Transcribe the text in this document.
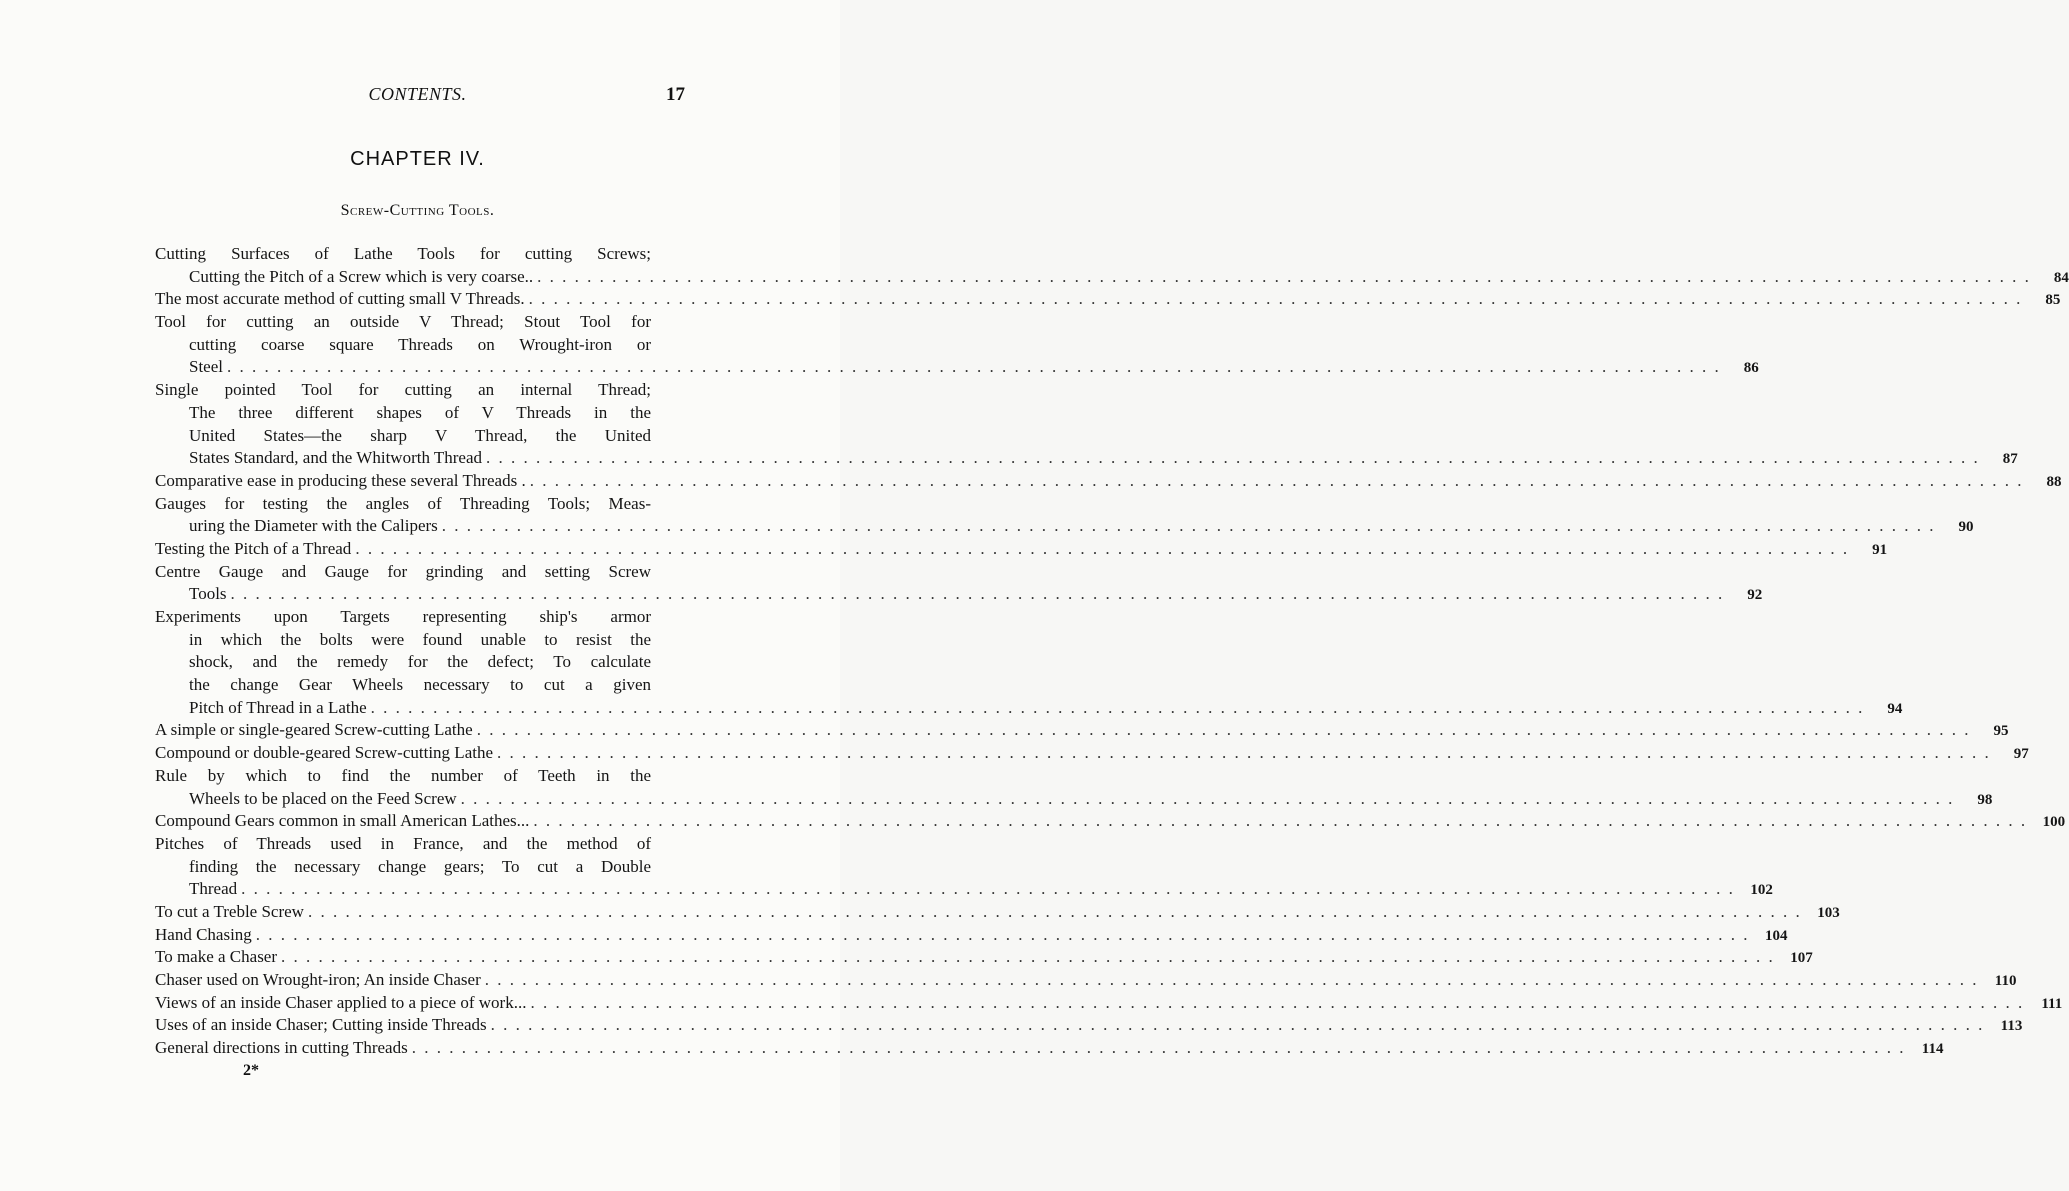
CONTENTS.	17
CHAPTER IV.
Screw-Cutting Tools.
Cutting Surfaces of Lathe Tools for cutting Screws;
Cutting the Pitch of a Screw which is very coarse.. . . . . . . . . . . . . . . . . . . . . . . . . . . . . . . . . . . . . . . . . . . . . . . . . . . . . . . . . . . . . . . . . . . . . . . . . . . . . . . . . . . . . . . . . . . . . . . . . . . . . . . . . . . . . . . . . . . . . . . . .	84
The most accurate method of cutting small V Threads. . . . . . . . . . . . . . . . . . . . . . . . . . . . . . . . . . . . . . . . . . . . . . . . . . . . . . . . . . . . . . . . . . . . . . . . . . . . . . . . . . . . . . . . . . . . . . . . . . . . . . . . . . . . . . . . . . . . . . . . .	85
Tool for cutting an outside V Thread; Stout Tool for
cutting coarse square Threads on Wrought-iron or
Steel . . . . . . . . . . . . . . . . . . . . . . . . . . . . . . . . . . . . . . . . . . . . . . . . . . . . . . . . . . . . . . . . . . . . . . . . . . . . . . . . . . . . . . . . . . . . . . . . . . . . . . . . . . . . . . . . . . . . . . . .	86
Single pointed Tool for cutting an internal Thread;
The three different shapes of V Threads in the
United States—the sharp V Thread, the United
States Standard, and the Whitworth Thread . . . . . . . . . . . . . . . . . . . . . . . . . . . . . . . . . . . . . . . . . . . . . . . . . . . . . . . . . . . . . . . . . . . . . . . . . . . . . . . . . . . . . . . . . . . . . . . . . . . . . . . . . . . . . . . . . . . . . . . .	87
Comparative ease in producing these several Threads . . . . . . . . . . . . . . . . . . . . . . . . . . . . . . . . . . . . . . . . . . . . . . . . . . . . . . . . . . . . . . . . . . . . . . . . . . . . . . . . . . . . . . . . . . . . . . . . . . . . . . . . . . . . . . . . . . . . . . . . .	88
Gauges for testing the angles of Threading Tools; Meas-
uring the Diameter with the Calipers . . . . . . . . . . . . . . . . . . . . . . . . . . . . . . . . . . . . . . . . . . . . . . . . . . . . . . . . . . . . . . . . . . . . . . . . . . . . . . . . . . . . . . . . . . . . . . . . . . . . . . . . . . . . . . . . . . . . . . . .	90
Testing the Pitch of a Thread . . . . . . . . . . . . . . . . . . . . . . . . . . . . . . . . . . . . . . . . . . . . . . . . . . . . . . . . . . . . . . . . . . . . . . . . . . . . . . . . . . . . . . . . . . . . . . . . . . . . . . . . . . . . . . . . . . . . . . . .	91
Centre Gauge and Gauge for grinding and setting Screw
Tools . . . . . . . . . . . . . . . . . . . . . . . . . . . . . . . . . . . . . . . . . . . . . . . . . . . . . . . . . . . . . . . . . . . . . . . . . . . . . . . . . . . . . . . . . . . . . . . . . . . . . . . . . . . . . . . . . . . . . . . .	92
Experiments upon Targets representing ship's armor
in which the bolts were found unable to resist the
shock, and the remedy for the defect; To calculate
the change Gear Wheels necessary to cut a given
Pitch of Thread in a Lathe . . . . . . . . . . . . . . . . . . . . . . . . . . . . . . . . . . . . . . . . . . . . . . . . . . . . . . . . . . . . . . . . . . . . . . . . . . . . . . . . . . . . . . . . . . . . . . . . . . . . . . . . . . . . . . . . . . . . . . . .	94
A simple or single-geared Screw-cutting Lathe . . . . . . . . . . . . . . . . . . . . . . . . . . . . . . . . . . . . . . . . . . . . . . . . . . . . . . . . . . . . . . . . . . . . . . . . . . . . . . . . . . . . . . . . . . . . . . . . . . . . . . . . . . . . . . . . . . . . . . . .	95
Compound or double-geared Screw-cutting Lathe . . . . . . . . . . . . . . . . . . . . . . . . . . . . . . . . . . . . . . . . . . . . . . . . . . . . . . . . . . . . . . . . . . . . . . . . . . . . . . . . . . . . . . . . . . . . . . . . . . . . . . . . . . . . . . . . . . . . . . . .	97
Rule by which to find the number of Teeth in the
Wheels to be placed on the Feed Screw . . . . . . . . . . . . . . . . . . . . . . . . . . . . . . . . . . . . . . . . . . . . . . . . . . . . . . . . . . . . . . . . . . . . . . . . . . . . . . . . . . . . . . . . . . . . . . . . . . . . . . . . . . . . . . . . . . . . . . . .	98
Compound Gears common in small American Lathes... . . . . . . . . . . . . . . . . . . . . . . . . . . . . . . . . . . . . . . . . . . . . . . . . . . . . . . . . . . . . . . . . . . . . . . . . . . . . . . . . . . . . . . . . . . . . . . . . . . . . . . . . . . . . . . . . . . . . . . . .	100
Pitches of Threads used in France, and the method of
finding the necessary change gears; To cut a Double
Thread . . . . . . . . . . . . . . . . . . . . . . . . . . . . . . . . . . . . . . . . . . . . . . . . . . . . . . . . . . . . . . . . . . . . . . . . . . . . . . . . . . . . . . . . . . . . . . . . . . . . . . . . . . . . . . . . . . . . . . . .	102
To cut a Treble Screw . . . . . . . . . . . . . . . . . . . . . . . . . . . . . . . . . . . . . . . . . . . . . . . . . . . . . . . . . . . . . . . . . . . . . . . . . . . . . . . . . . . . . . . . . . . . . . . . . . . . . . . . . . . . . . . . . . . . . . . .	103
Hand Chasing . . . . . . . . . . . . . . . . . . . . . . . . . . . . . . . . . . . . . . . . . . . . . . . . . . . . . . . . . . . . . . . . . . . . . . . . . . . . . . . . . . . . . . . . . . . . . . . . . . . . . . . . . . . . . . . . . . . . . . . .	104
To make a Chaser . . . . . . . . . . . . . . . . . . . . . . . . . . . . . . . . . . . . . . . . . . . . . . . . . . . . . . . . . . . . . . . . . . . . . . . . . . . . . . . . . . . . . . . . . . . . . . . . . . . . . . . . . . . . . . . . . . . . . . . .	107
Chaser used on Wrought-iron; An inside Chaser . . . . . . . . . . . . . . . . . . . . . . . . . . . . . . . . . . . . . . . . . . . . . . . . . . . . . . . . . . . . . . . . . . . . . . . . . . . . . . . . . . . . . . . . . . . . . . . . . . . . . . . . . . . . . . . . . . . . . . . .	110
Views of an inside Chaser applied to a piece of work... . . . . . . . . . . . . . . . . . . . . . . . . . . . . . . . . . . . . . . . . . . . . . . . . . . . . . . . . . . . . . . . . . . . . . . . . . . . . . . . . . . . . . . . . . . . . . . . . . . . . . . . . . . . . . . . . . . . . . . . .	111
Uses of an inside Chaser; Cutting inside Threads . . . . . . . . . . . . . . . . . . . . . . . . . . . . . . . . . . . . . . . . . . . . . . . . . . . . . . . . . . . . . . . . . . . . . . . . . . . . . . . . . . . . . . . . . . . . . . . . . . . . . . . . . . . . . . . . . . . . . . . .	113
General directions in cutting Threads . . . . . . . . . . . . . . . . . . . . . . . . . . . . . . . . . . . . . . . . . . . . . . . . . . . . . . . . . . . . . . . . . . . . . . . . . . . . . . . . . . . . . . . . . . . . . . . . . . . . . . . . . . . . . . . . . . . . . . . .	114
2*
